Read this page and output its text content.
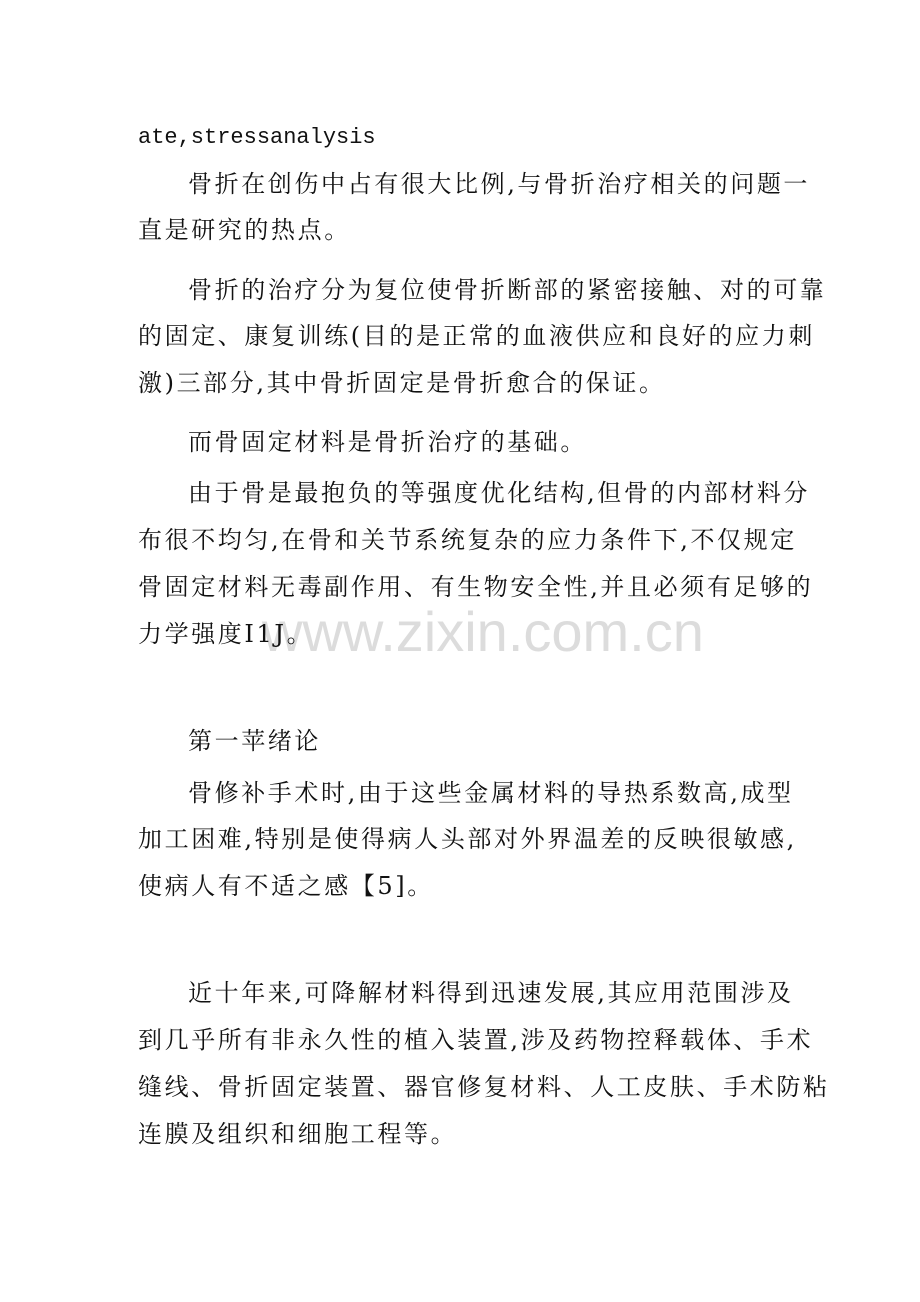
www.zixin.com.cn
ate,stressanalysis
骨折在创伤中占有很大比例,与骨折治疗相关的问题一
直是研究的热点。
骨折的治疗分为复位使骨折断部的紧密接触、对的可靠
的固定、康复训练(目的是正常的血液供应和良好的应力刺
激)三部分,其中骨折固定是骨折愈合的保证。
而骨固定材料是骨折治疗的基础。
由于骨是最抱负的等强度优化结构,但骨的内部材料分
布很不均匀,在骨和关节系统复杂的应力条件下,不仅规定
骨固定材料无毒副作用、有生物安全性,并且必须有足够的
力学强度I1J。
第一苹绪论
骨修补手术时,由于这些金属材料的导热系数高,成型
加工困难,特别是使得病人头部对外界温差的反映很敏感,
使病人有不适之感【5]。
近十年来,可降解材料得到迅速发展,其应用范围涉及
到几乎所有非永久性的植入装置,涉及药物控释载体、手术
缝线、骨折固定装置、器官修复材料、人工皮肤、手术防粘
连膜及组织和细胞工程等。
